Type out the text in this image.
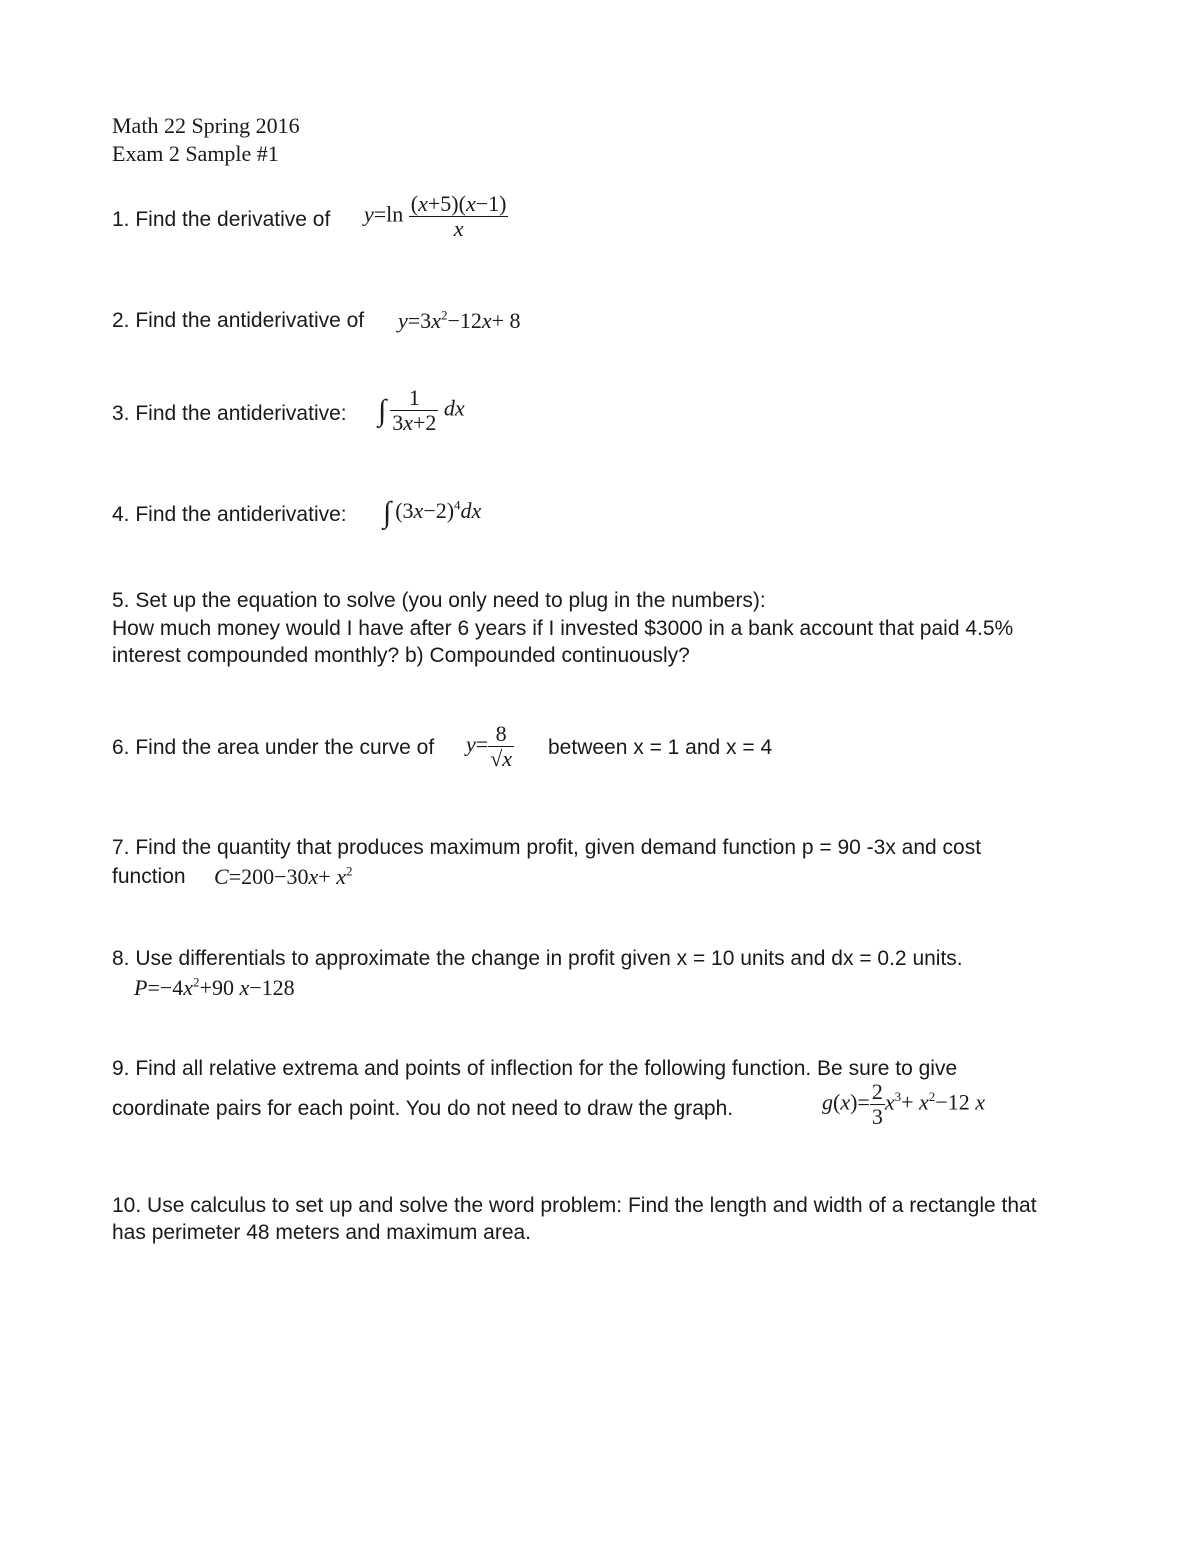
Math 22 Spring 2016
Exam 2 Sample #1
1. Find the derivative of $y=\ln \frac{(x+5)(x-1)}{x}$
2. Find the antiderivative of $y=3x^2-12x+ 8$
3. Find the antiderivative: ∫ $\frac{1}{3x+2}$ dx
4. Find the antiderivative: ∫ $(3x-2)^4dx$
5. Set up the equation to solve (you only need to plug in the numbers):
How much money would I have after 6 years if I invested $3000 in a bank account that paid 4.5%
interest compounded monthly? b) Compounded continuously?
6. Find the area under the curve of $y= \frac{8}{√x}$ between x = 1 and x = 4
7. Find the quantity that produces maximum profit, given demand function p = 90 -3x and cost
function $C=200-30x+ x^2$
8. Use differentials to approximate the change in profit given x = 10 units and dx = 0.2 units.
$P=-4x^2+90$ x−128
9. Find all relative extrema and points of inflection for the following function. Be sure to give
coordinate pairs for each point. You do not need to draw the graph.	$g(x)= \frac{2}{3} x^3+ x^2-12$ x
10. Use calculus to set up and solve the word problem: Find the length and width of a rectangle that
has perimeter 48 meters and maximum area.
